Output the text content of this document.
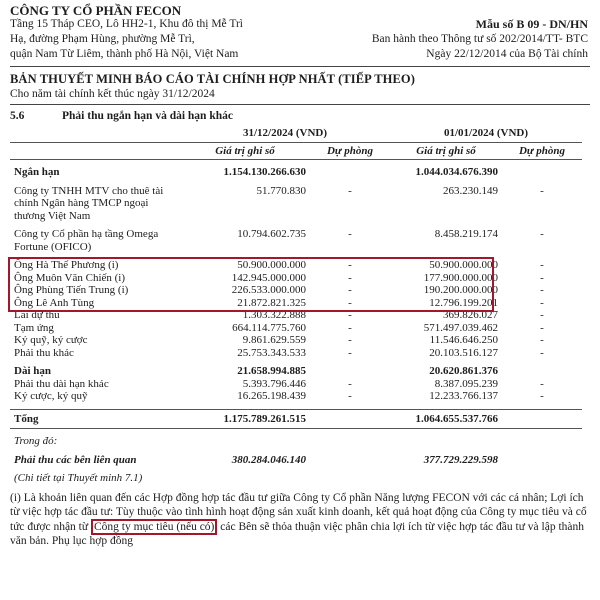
CÔNG TY CỔ PHẦN FECON
Tầng 15 Tháp CEO, Lô HH2-1, Khu đô thị Mễ Trì
Hạ, đường Phạm Hùng, phường Mễ Trì,
quận Nam Từ Liêm, thành phố Hà Nội, Việt Nam
Mẫu số B 09 - DN/HN
Ban hành theo Thông tư số 202/2014/TT- BTC
Ngày 22/12/2014 của Bộ Tài chính
BẢN THUYẾT MINH BÁO CÁO TÀI CHÍNH HỢP NHẤT (TIẾP THEO)
Cho năm tài chính kết thúc ngày 31/12/2024
5.6	Phải thu ngắn hạn và dài hạn khác
	31/12/2024 (VND)		01/01/2024 (VND)	
	Giá trị ghi sổ	Dự phòng	Giá trị ghi sổ	Dự phòng

Ngắn hạn	1.154.130.266.630		1.044.034.676.390	

Công ty TNHH MTV cho thuê tài chính Ngân hàng TMCP ngoại thương Việt Nam	51.770.830	-	263.230.149	-

Công ty Cổ phần hạ tầng Omega Fortune (OFICO)	10.794.602.735	-	8.458.219.174	-

Ông Hà Thế Phương (i)	50.900.000.000	-	50.900.000.000	-
Ông Muôn Văn Chiến (i)	142.945.000.000	-	177.900.000.000	-
Ông Phùng Tiến Trung (i)	226.533.000.000	-	190.200.000.000	-
Ông Lê Anh Tùng	21.872.821.325	-	12.796.199.201	-
Lãi dự thu	1.303.322.888	-	369.826.027	-
Tạm ứng	664.114.775.760	-	571.497.039.462	-
Ký quỹ, ký cược	9.861.629.559	-	11.546.646.250	-
Phải thu khác	25.753.343.533	-	20.103.516.127	-

Dài hạn	21.658.994.885		20.620.861.376	
Phải thu dài hạn khác	5.393.796.446	-	8.387.095.239	-
Ký cược, ký quỹ	16.265.198.439	-	12.233.766.137	-

Tổng	1.175.789.261.515		1.064.655.537.766	

Trong đó:				

Phải thu các bên liên quan	380.284.046.140		377.729.229.598	

(Chi tiết tại Thuyết minh 7.1)				
(i) Là khoản liên quan đến các Hợp đồng hợp tác đầu tư giữa Công ty Cổ phần Năng lượng FECON với các cá nhân; Lợi ích từ việc hợp tác đầu tư: Tùy thuộc vào tình hình hoạt động sản xuất kinh doanh, kết quả hoạt động của Công ty mục tiêu và cổ tức được nhận từ Công ty mục tiêu (nếu có) các Bên sẽ thỏa thuận việc phân chia lợi ích từ việc hợp tác đầu tư và lập thành văn bản. Phụ lục hợp đồng
